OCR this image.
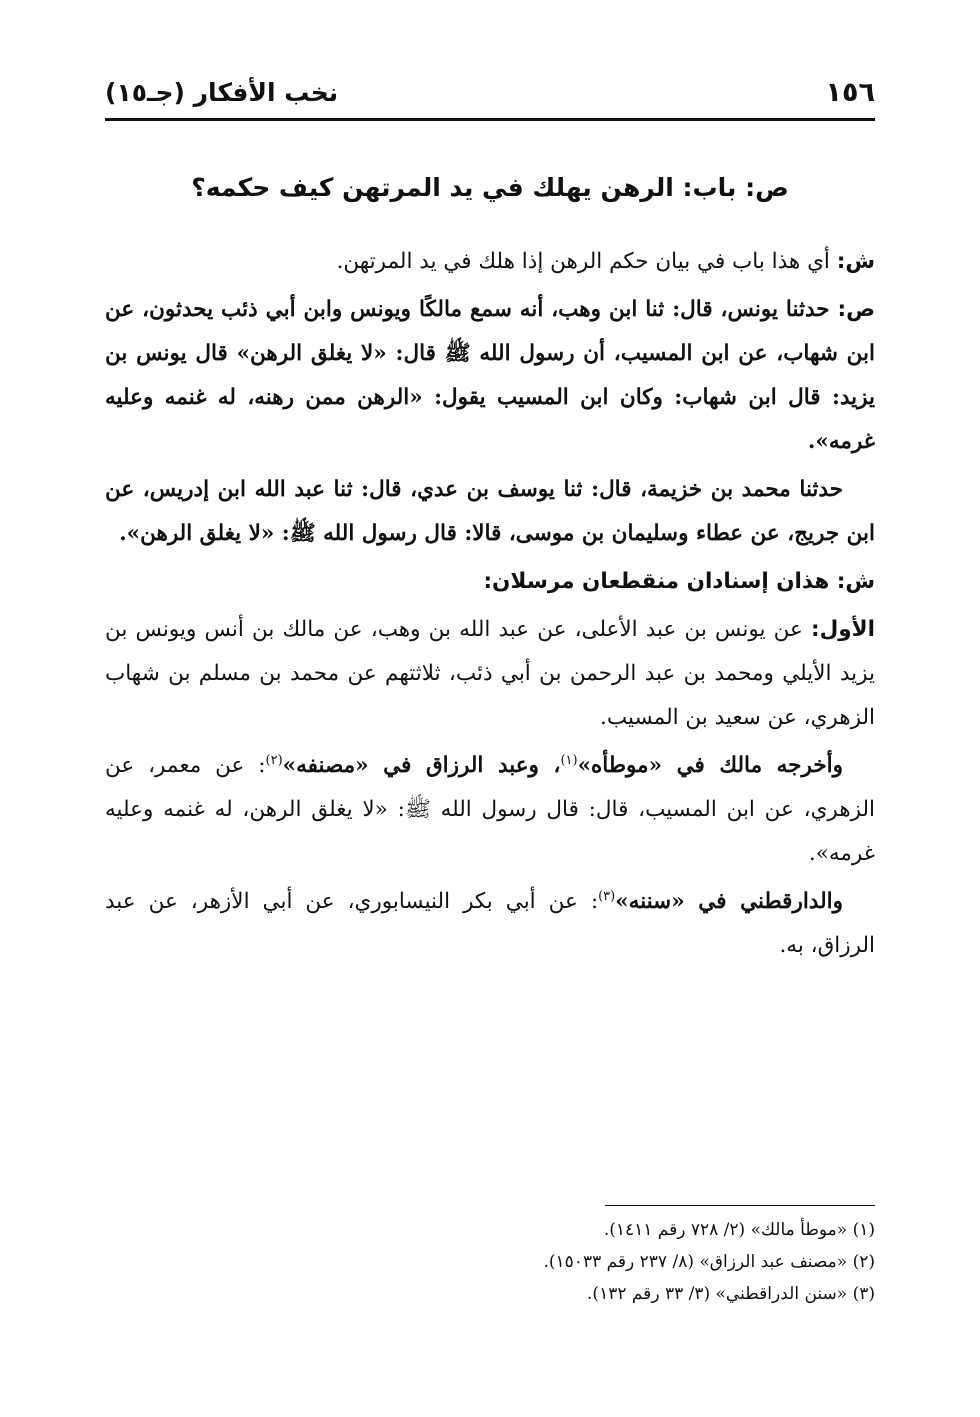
نخب الأفكار (جـ١٥)	١٥٦
ص: باب: الرهن يهلك في يد المرتهن كيف حكمه؟

ش: أي هذا باب في بيان حكم الرهن إذا هلك في يد المرتهن.

ص: حدثنا يونس، قال: ثنا ابن وهب، أنه سمع مالكًا ويونس وابن أبي ذئب يحدثون، عن ابن شهاب، عن ابن المسيب، أن رسول الله ﷺ قال: «لا يغلق الرهن» قال يونس بن يزيد: قال ابن شهاب: وكان ابن المسيب يقول: «الرهن ممن رهنه، له غنمه وعليه غرمه».

حدثنا محمد بن خزيمة، قال: ثنا يوسف بن عدي، قال: ثنا عبد الله ابن إدريس، عن ابن جريج، عن عطاء وسليمان بن موسى، قالا: قال رسول الله ﷺ: «لا يغلق الرهن».

ش: هذان إسنادان منقطعان مرسلان:

الأول: عن يونس بن عبد الأعلى، عن عبد الله بن وهب، عن مالك بن أنس ويونس بن يزيد الأيلي ومحمد بن عبد الرحمن بن أبي ذئب، ثلاثتهم عن محمد بن مسلم بن شهاب الزهري، عن سعيد بن المسيب.

وأخرجه مالك في «موطأه»$^{(١)}$، وعبد الرزاق في «مصنفه»$^{(٢)}$: عن معمر، عن الزهري، عن ابن المسيب، قال: قال رسول الله ﷺ: «لا يغلق الرهن، له غنمه وعليه غرمه».

والدارقطني في «سننه»$^{(٣)}$: عن أبي بكر النيسابوري، عن أبي الأزهر، عن عبد الرزاق، به.

(١) «موطأ مالك» (٢/ ٧٢٨ رقم ١٤١١).
(٢) «مصنف عبد الرزاق» (٨/ ٢٣٧ رقم ١٥٠٣٣).
(٣) «سنن الدراقطني» (٣/ ٣٣ رقم ١٣٢).
